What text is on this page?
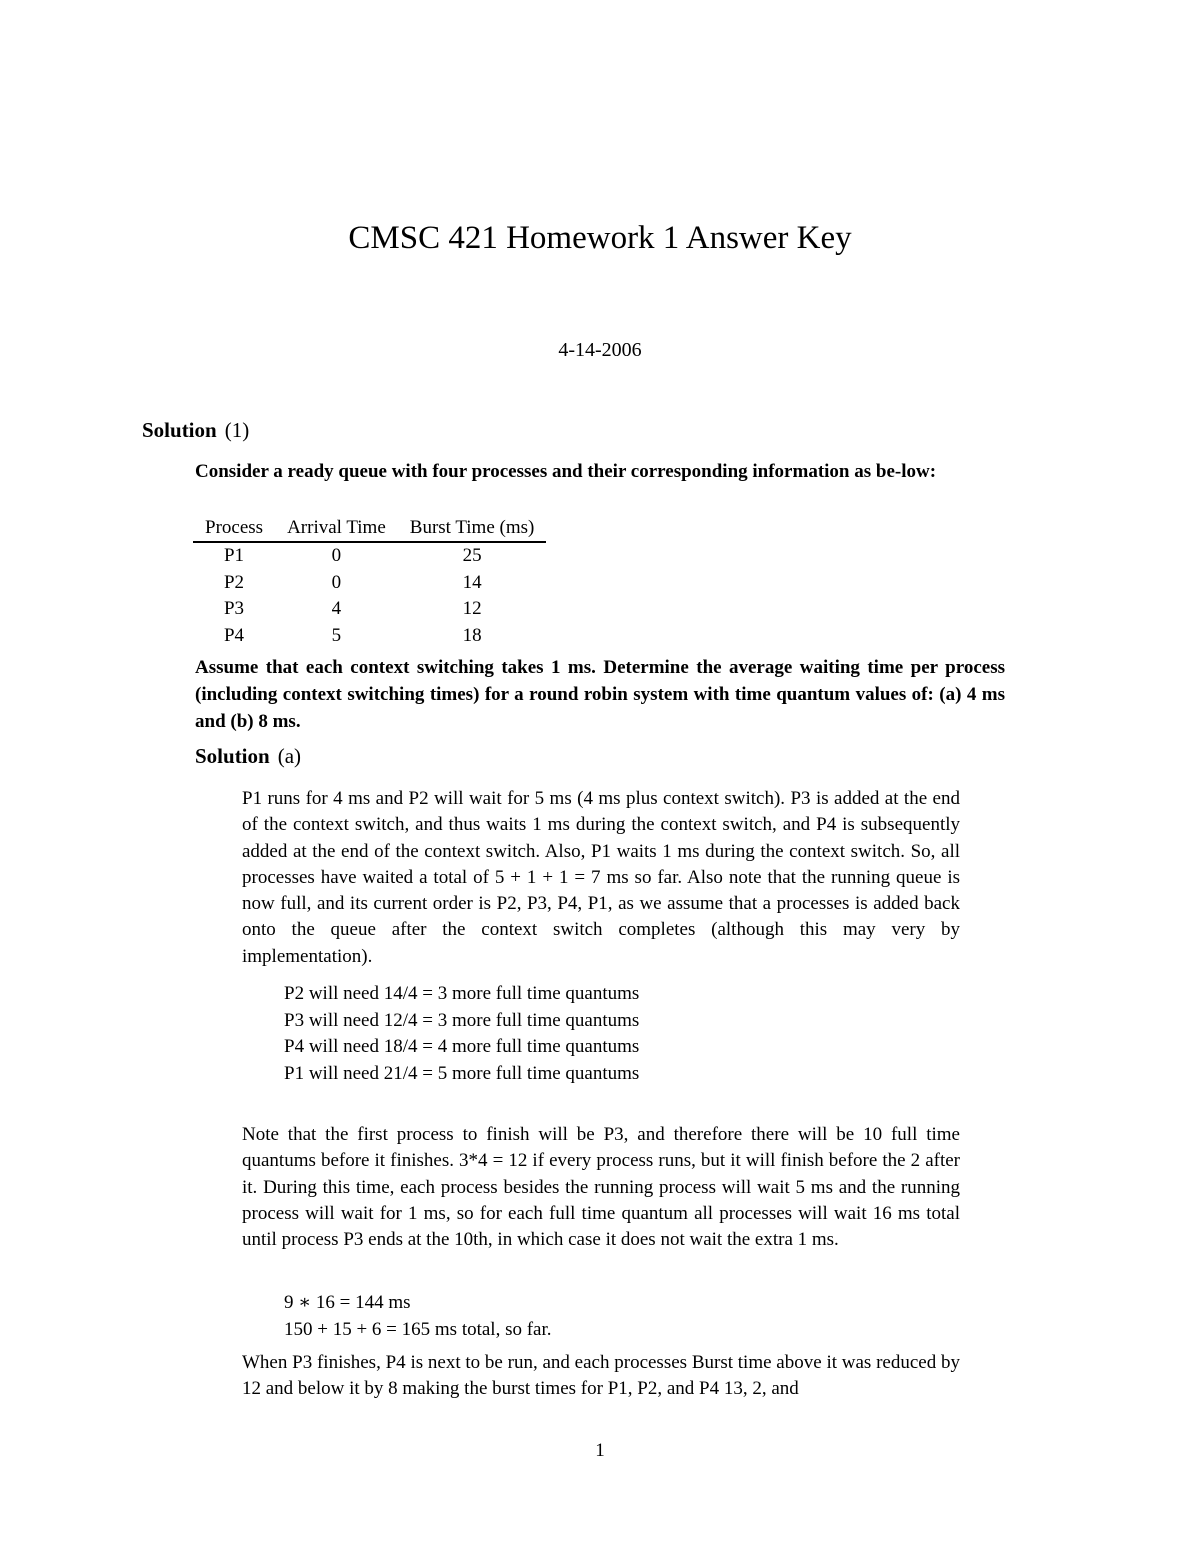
CMSC 421 Homework 1 Answer Key
4-14-2006
Solution (1)
Consider a ready queue with four processes and their corresponding information as be-low:
Process	Arrival Time	Burst Time (ms)
P1	0	25
P2	0	14
P3	4	12
P4	5	18
Assume that each context switching takes 1 ms. Determine the average waiting time per process (including context switching times) for a round robin system with time quantum values of: (a) 4 ms and (b) 8 ms.
Solution (a)
P1 runs for 4 ms and P2 will wait for 5 ms (4 ms plus context switch). P3 is added at the end of the context switch, and thus waits 1 ms during the context switch, and P4 is subsequently added at the end of the context switch. Also, P1 waits 1 ms during the context switch. So, all processes have waited a total of 5 + 1 + 1 = 7 ms so far. Also note that the running queue is now full, and its current order is P2, P3, P4, P1, as we assume that a processes is added back onto the queue after the context switch completes (although this may very by implementation).
P2 will need 14/4 = 3 more full time quantums
P3 will need 12/4 = 3 more full time quantums
P4 will need 18/4 = 4 more full time quantums
P1 will need 21/4 = 5 more full time quantums
Note that the first process to finish will be P3, and therefore there will be 10 full time quantums before it finishes. 3*4 = 12 if every process runs, but it will finish before the 2 after it. During this time, each process besides the running process will wait 5 ms and the running process will wait for 1 ms, so for each full time quantum all processes will wait 16 ms total until process P3 ends at the 10th, in which case it does not wait the extra 1 ms.
9 ∗ 16 = 144 ms
150 + 15 + 6 = 165 ms total, so far.
When P3 finishes, P4 is next to be run, and each processes Burst time above it was reduced by 12 and below it by 8 making the burst times for P1, P2, and P4 13, 2, and
1
